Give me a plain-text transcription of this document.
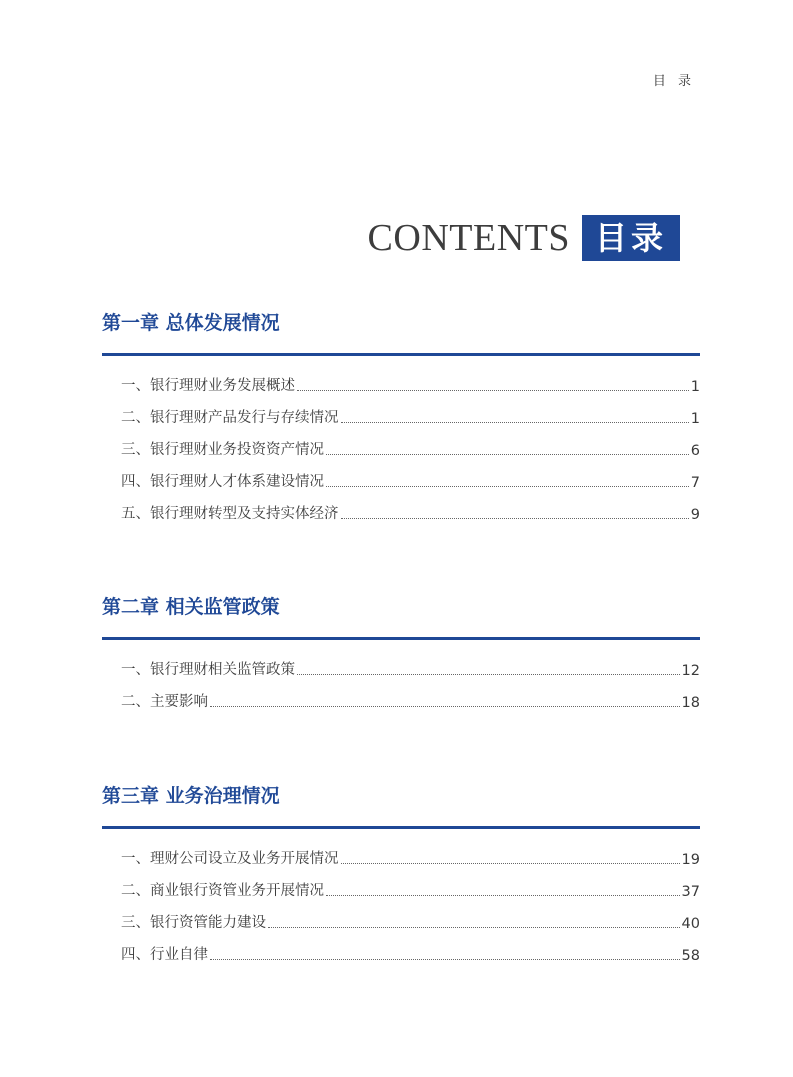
目 录
CONTENTS 目录
第一章 总体发展情况
一、银行理财业务发展概述	1
二、银行理财产品发行与存续情况	1
三、银行理财业务投资资产情况	6
四、银行理财人才体系建设情况	7
五、银行理财转型及支持实体经济	9
第二章 相关监管政策
一、银行理财相关监管政策	12
二、主要影响	18
第三章 业务治理情况
一、理财公司设立及业务开展情况	19
二、商业银行资管业务开展情况	37
三、银行资管能力建设	40
四、行业自律	58
